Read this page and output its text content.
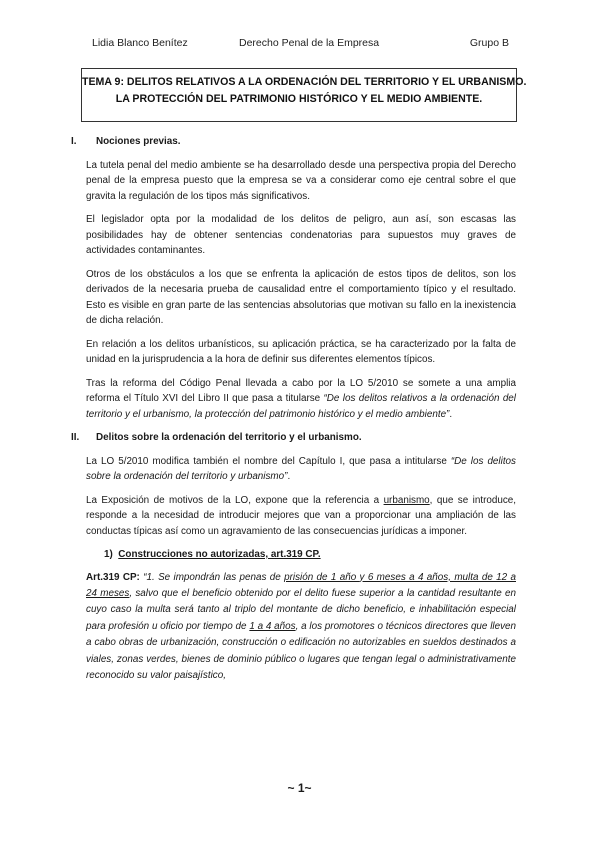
Lidia Blanco Benítez	Derecho Penal de la Empresa	Grupo B
TEMA 9: DELITOS RELATIVOS A LA ORDENACIÓN DEL TERRITORIO Y EL URBANISMO.
LA PROTECCIÓN DEL PATRIMONIO HISTÓRICO Y EL MEDIO AMBIENTE.
I.	Nociones previas.

La tutela penal del medio ambiente se ha desarrollado desde una perspectiva propia del Derecho penal de la empresa puesto que la empresa se va a considerar como eje central sobre el que gravita la regulación de los tipos más significativos.

El legislador opta por la modalidad de los delitos de peligro, aun así, son escasas las posibilidades hay de obtener sentencias condenatorias para supuestos muy graves de actividades contaminantes.

Otros de los obstáculos a los que se enfrenta la aplicación de estos tipos de delitos, son los derivados de la necesaria prueba de causalidad entre el comportamiento típico y el resultado. Esto es visible en gran parte de las sentencias absolutorias que motivan su fallo en la inexistencia de dicha relación.

En relación a los delitos urbanísticos, su aplicación práctica, se ha caracterizado por la falta de unidad en la jurisprudencia a la hora de definir sus diferentes elementos típicos.

Tras la reforma del Código Penal llevada a cabo por la LO 5/2010 se somete a una amplia reforma el Título XVI del Libro II que pasa a titularse “De los delitos relativos a la ordenación del territorio y el urbanismo, la protección del patrimonio histórico y el medio ambiente”.

II.	Delitos sobre la ordenación del territorio y el urbanismo.

La LO 5/2010 modifica también el nombre del Capítulo I, que pasa a intitularse “De los delitos sobre la ordenación del territorio y urbanismo”.

La Exposición de motivos de la LO, expone que la referencia a urbanismo, que se introduce, responde a la necesidad de introducir mejores que van a proporcionar una ampliación de las conductas típicas así como un agravamiento de las consecuencias jurídicas a imponer.

1) Construcciones no autorizadas, art.319 CP.

Art.319 CP: “1. Se impondrán las penas de prisión de 1 año y 6 meses a 4 años, multa de 12 a 24 meses, salvo que el beneficio obtenido por el delito fuese superior a la cantidad resultante en cuyo caso la multa será tanto al triplo del montante de dicho beneficio, e inhabilitación especial para profesión u oficio por tiempo de 1 a 4 años, a los promotores o técnicos directores que lleven a cabo obras de urbanización, construcción o edificación no autorizables en sueldos destinados a viales, zonas verdes, bienes de dominio público o lugares que tengan legal o administrativamente reconocido su valor paisajístico,

~ 1~
